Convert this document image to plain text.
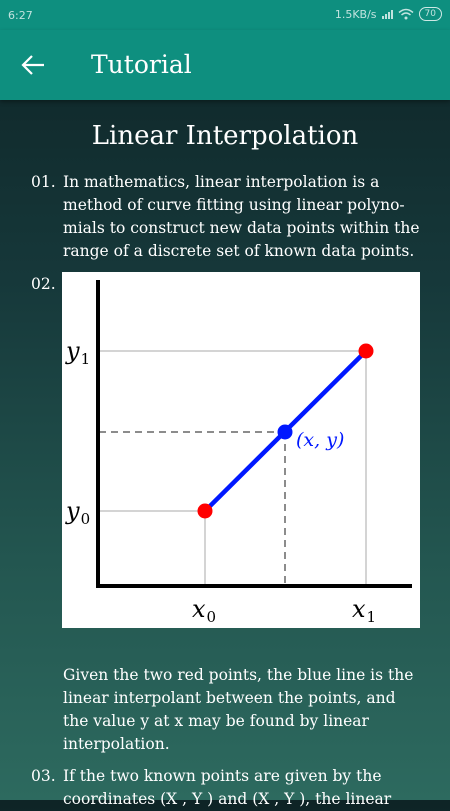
6:27	1.5KB/s	70
Tutorial
Linear Interpolation
01. In mathematics, linear interpolation is a method of curve fitting using linear polyno-mials to construct new data points within the range of a discrete set of known data points.
02.
$y_1$
$y_0$
$x_0$	$x_1$
(x, y)
Given the two red points, the blue line is the linear interpolant between the points, and the value y at x may be found by linear interpolation.
03. If the two known points are given by the coordinates (X , Y ) and (X , Y ), the linear
